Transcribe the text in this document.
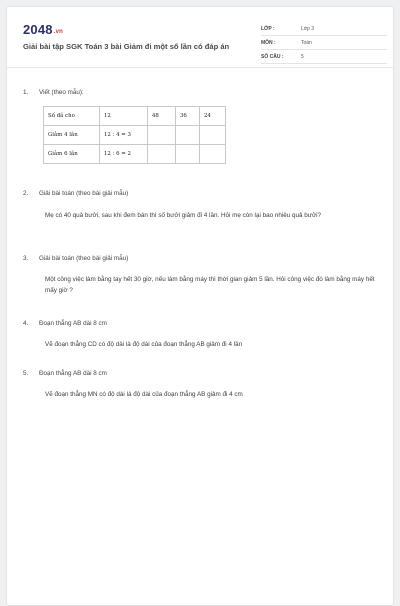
2048.vn
Giải bài tập SGK Toán 3 bài Giảm đi một số lần có đáp án
LỚP :	Lớp 3
MÔN :	Toán
SỐ CÂU :	5
1.	Viết (theo mẫu):
Số đã cho	12	48	36	24
Giảm 4 lần	12 : 4 = 3			
Giảm 6 lần	12 : 6 = 2			
2.	Giải bài toán (theo bài giải mẫu)
Mẹ có 40 quả bưởi, sau khi đem bán thì số bưởi giảm đi 4 lần. Hỏi mẹ còn lại bao nhiêu quả bưởi?
3.	Giải bài toán (theo bài giải mẫu)
Một công việc làm bằng tay hết 30 giờ, nếu làm bằng máy thì thời gian giảm 5 lần. Hỏi công việc đó làm bằng máy hết mấy giờ ?
4.	Đoạn thẳng AB dài 8 cm
Vẽ đoạn thẳng CD có độ dài là độ dài của đoạn thẳng AB giảm đi 4 lần
5.	Đoạn thẳng AB dài 8 cm
Vẽ đoạn thẳng MN có độ dài là độ dài của đoạn thẳng AB giảm đi 4 cm
